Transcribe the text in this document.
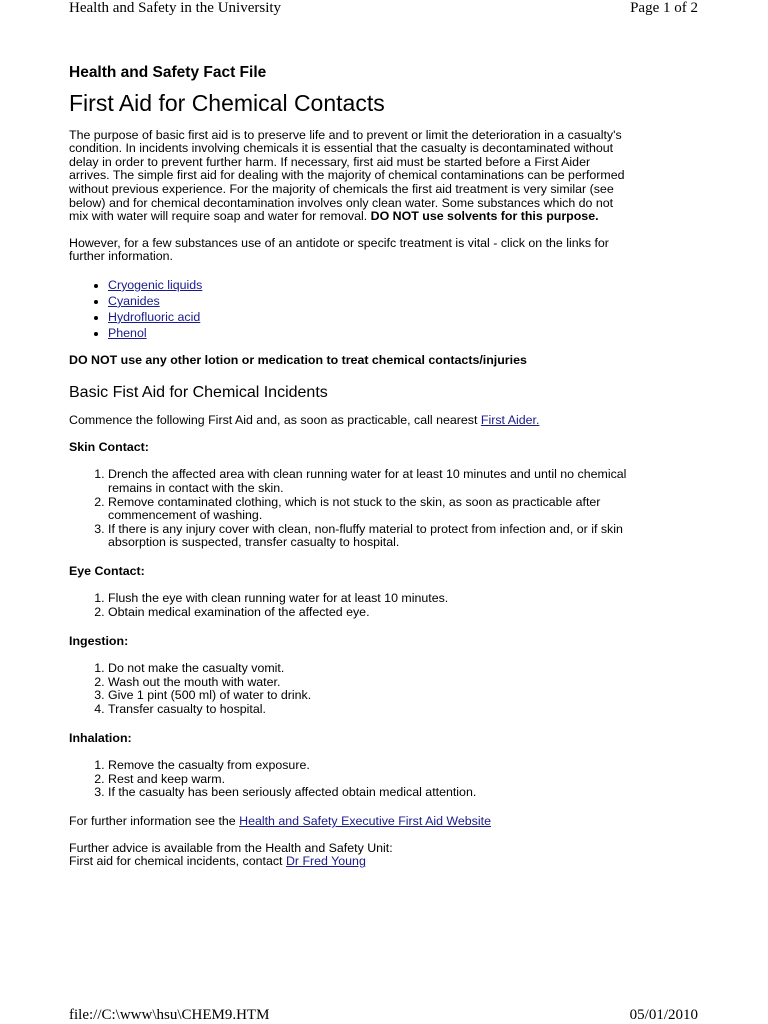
Health and Safety in the University	Page 1 of 2
Health and Safety Fact File
First Aid for Chemical Contacts

The purpose of basic first aid is to preserve life and to prevent or limit the deterioration in a casualty's condition. In incidents involving chemicals it is essential that the casualty is decontaminated without delay in order to prevent further harm. If necessary, first aid must be started before a First Aider arrives. The simple first aid for dealing with the majority of chemical contaminations can be performed without previous experience. For the majority of chemicals the first aid treatment is very similar (see below) and for chemical decontamination involves only clean water. Some substances which do not mix with water will require soap and water for removal. DO NOT use solvents for this purpose.

However, for a few substances use of an antidote or specifc treatment is vital - click on the links for further information.

• Cryogenic liquids
• Cyanides
• Hydrofluoric acid
• Phenol

DO NOT use any other lotion or medication to treat chemical contacts/injuries

Basic Fist Aid for Chemical Incidents

Commence the following First Aid and, as soon as practicable, call nearest First Aider.

Skin Contact:
1. Drench the affected area with clean running water for at least 10 minutes and until no chemical remains in contact with the skin.
2. Remove contaminated clothing, which is not stuck to the skin, as soon as practicable after commencement of washing.
3. If there is any injury cover with clean, non-fluffy material to protect from infection and, or if skin absorption is suspected, transfer casualty to hospital.
Eye Contact:
1. Flush the eye with clean running water for at least 10 minutes.
2. Obtain medical examination of the affected eye.
Ingestion:
1. Do not make the casualty vomit.
2. Wash out the mouth with water.
3. Give 1 pint (500 ml) of water to drink.
4. Transfer casualty to hospital.
Inhalation:
1. Remove the casualty from exposure.
2. Rest and keep warm.
3. If the casualty has been seriously affected obtain medical attention.

For further information see the Health and Safety Executive First Aid Website

Further advice is available from the Health and Safety Unit:
First aid for chemical incidents, contact Dr Fred Young

file://C:\www\hsu\CHEM9.HTM	05/01/2010
